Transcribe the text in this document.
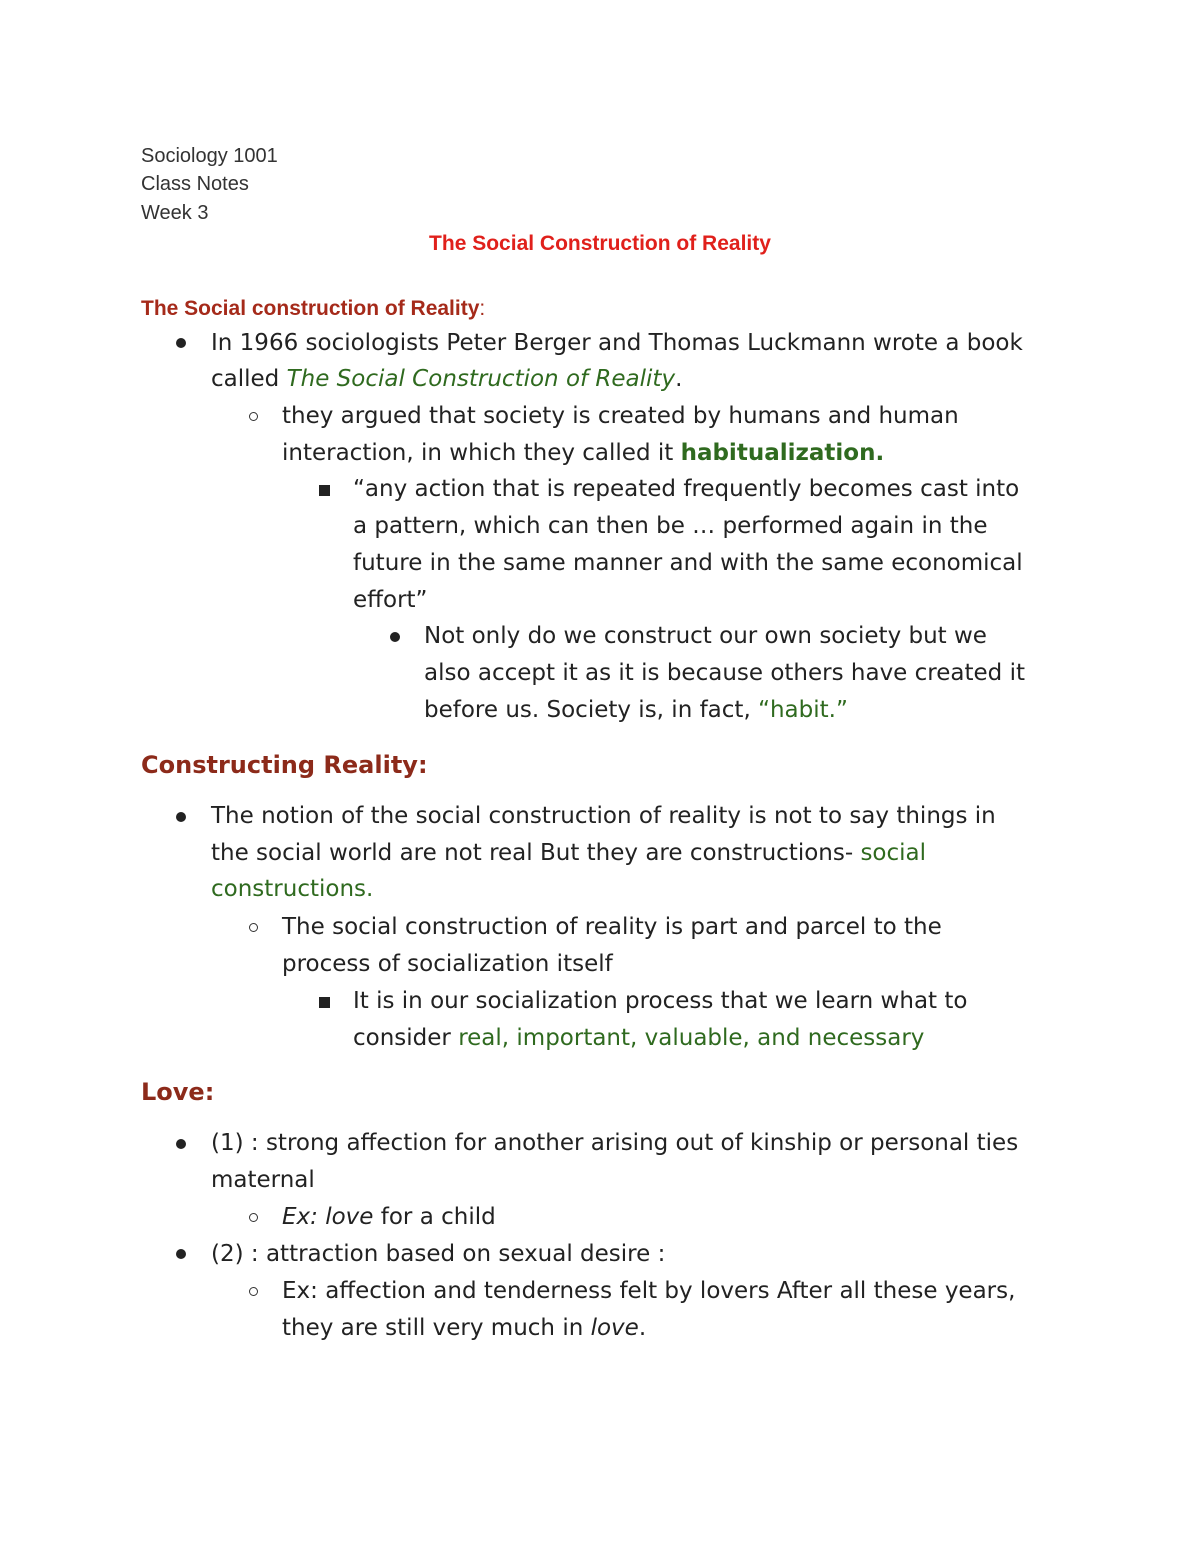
Sociology 1001
Class Notes
Week 3
The Social Construction of Reality
The Social construction of Reality:
In 1966 sociologists Peter Berger and Thomas Luckmann wrote a book
called The Social Construction of Reality.
they argued that society is created by humans and human
interaction, in which they called it habitualization.
“any action that is repeated frequently becomes cast into
a pattern, which can then be … performed again in the
future in the same manner and with the same economical
effort”
Not only do we construct our own society but we
also accept it as it is because others have created it
before us. Society is, in fact, “habit.”
Constructing Reality:
The notion of the social construction of reality is not to say things in
the social world are not real But they are constructions- social
constructions.
The social construction of reality is part and parcel to the
process of socialization itself
It is in our socialization process that we learn what to
consider real, important, valuable, and necessary
Love:
(1) : strong affection for another arising out of kinship or personal ties
maternal
Ex: love for a child
(2) : attraction based on sexual desire :
Ex: affection and tenderness felt by lovers After all these years,
they are still very much in love.
